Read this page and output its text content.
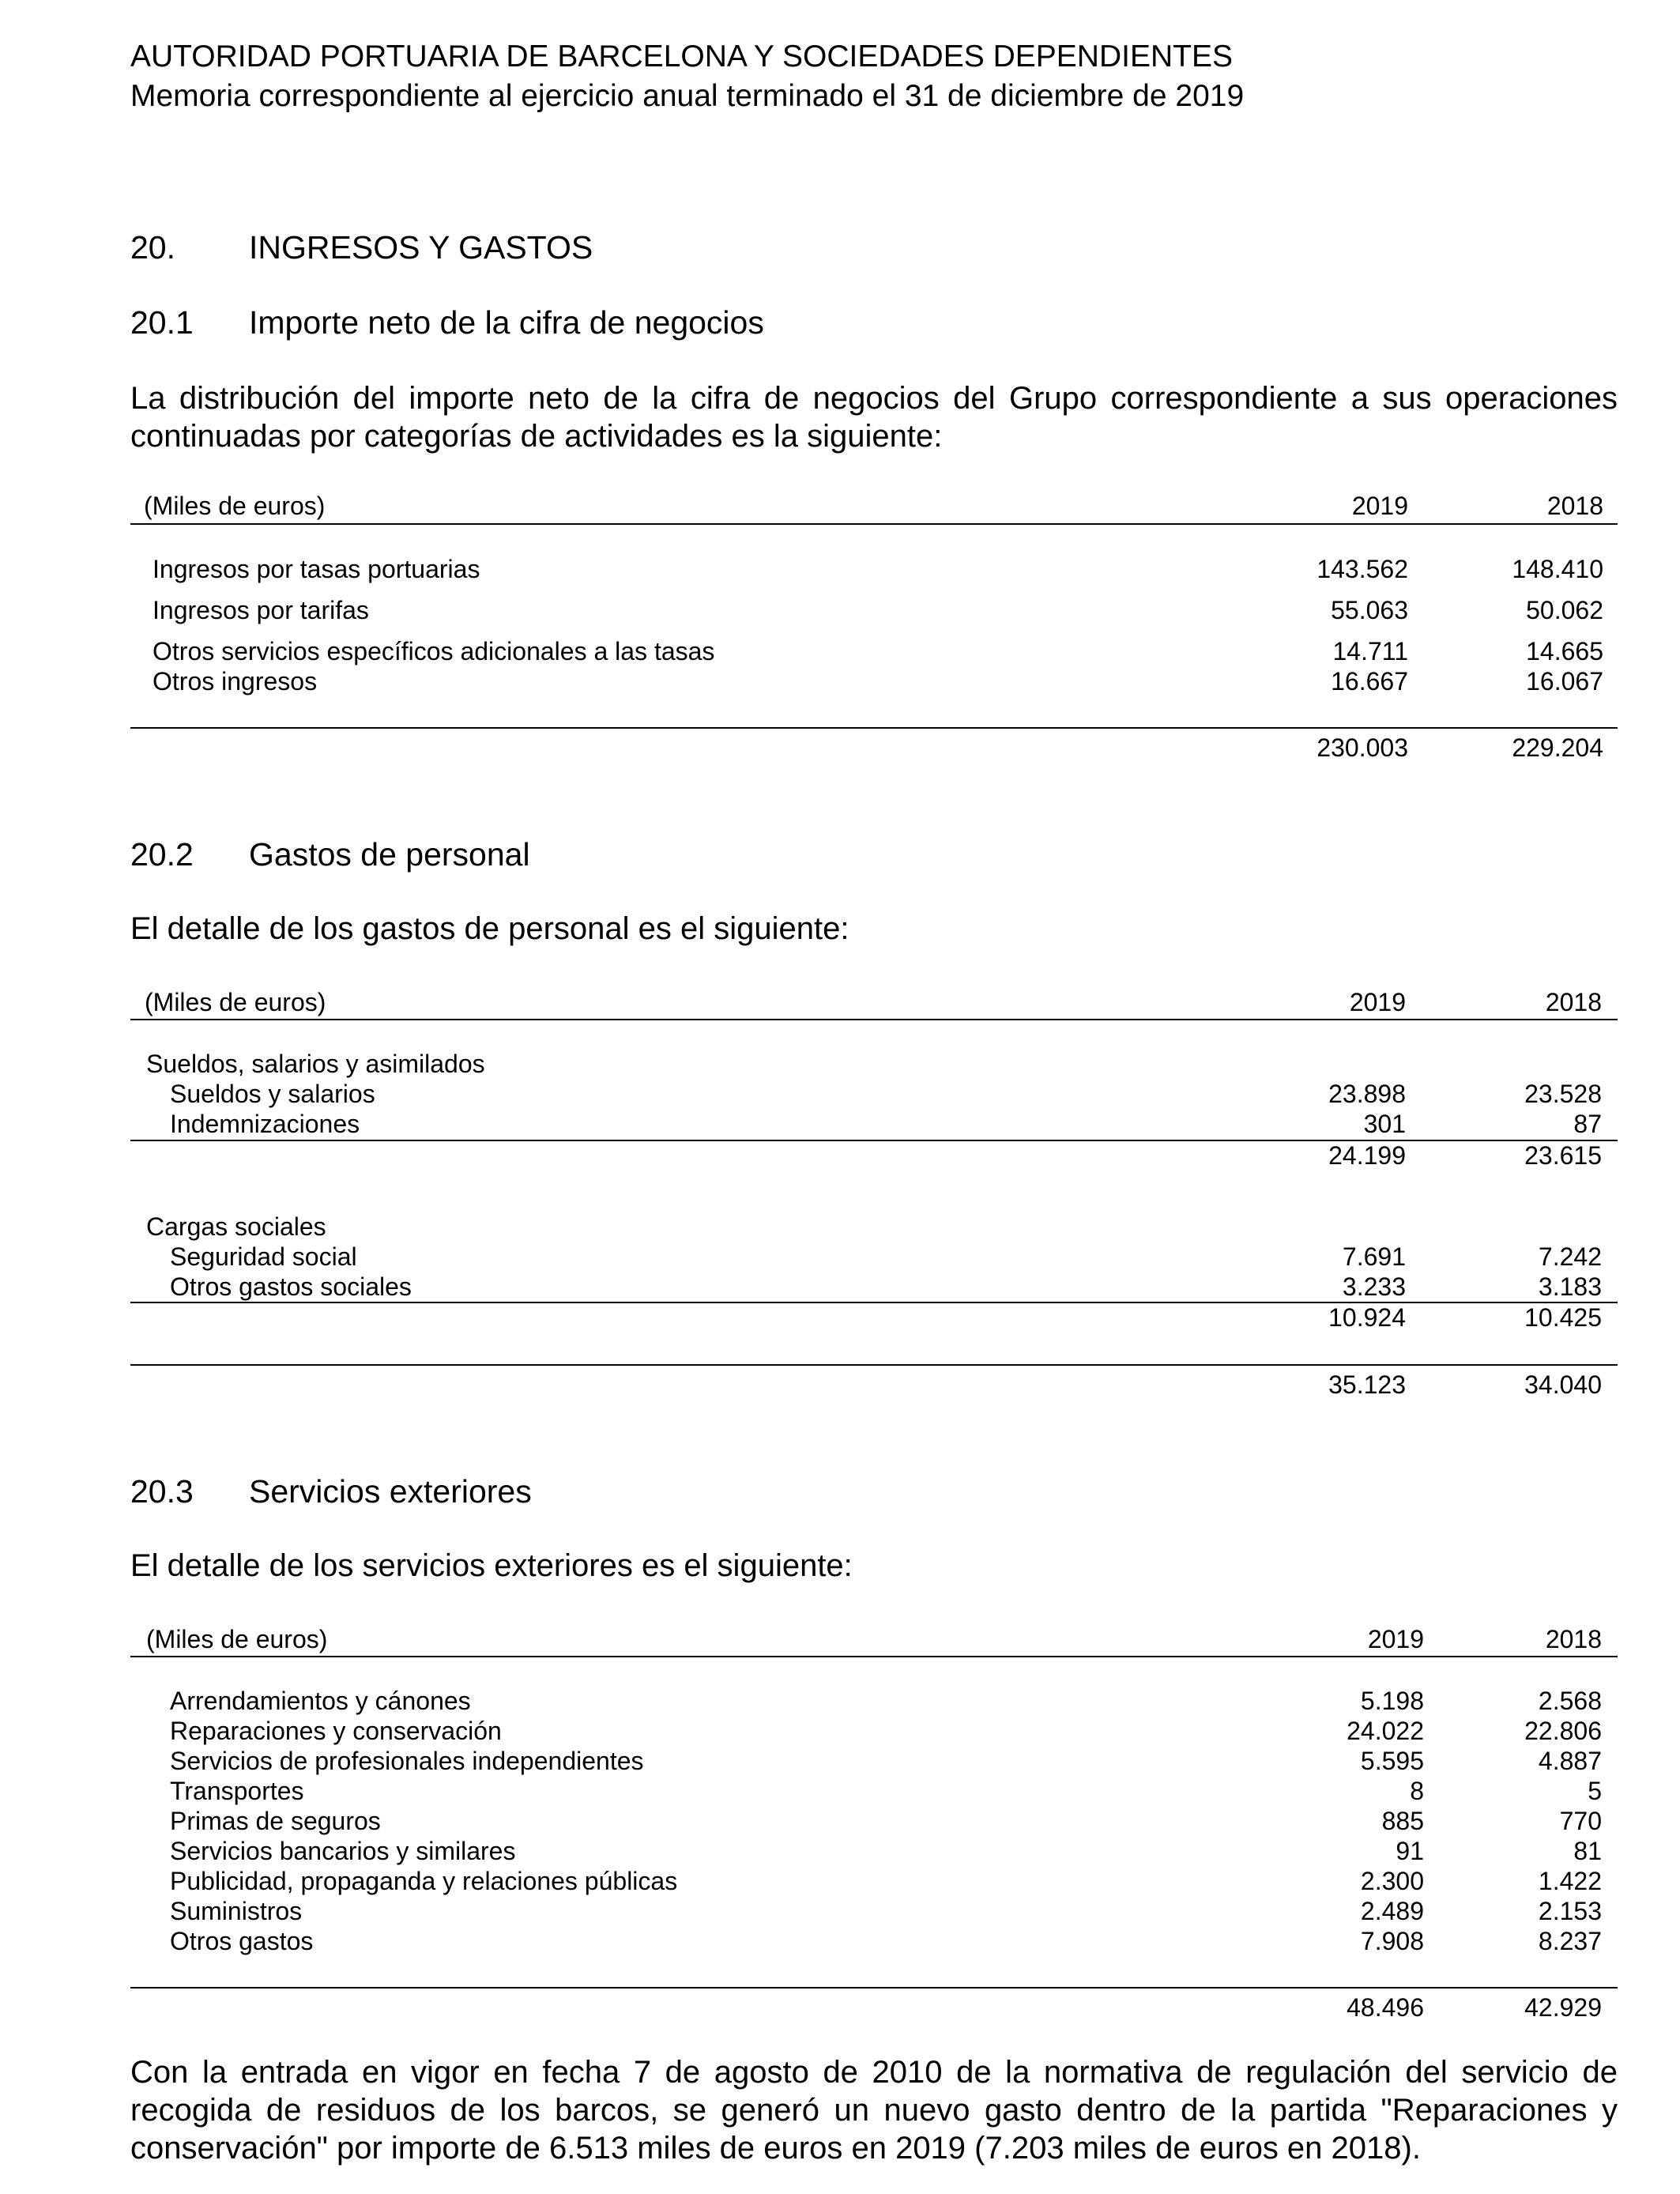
AUTORIDAD PORTUARIA DE BARCELONA Y SOCIEDADES DEPENDIENTES
Memoria correspondiente al ejercicio anual terminado el 31 de diciembre de 2019
20. INGRESOS Y GASTOS
20.1 Importe neto de la cifra de negocios
La distribución del importe neto de la cifra de negocios del Grupo correspondiente a sus operaciones
continuadas por categorías de actividades es la siguiente:
(Miles de euros)	2019	2018
Ingresos por tasas portuarias	143.562	148.410
Ingresos por tarifas	55.063	50.062
Otros servicios específicos adicionales a las tasas	14.711	14.665
Otros ingresos	16.667	16.067
230.003	229.204
20.2 Gastos de personal
El detalle de los gastos de personal es el siguiente:
(Miles de euros)	2019	2018
Sueldos, salarios y asimilados
Sueldos y salarios	23.898	23.528
Indemnizaciones	301	87
24.199	23.615
Cargas sociales
Seguridad social	7.691	7.242
Otros gastos sociales	3.233	3.183
10.924	10.425
35.123	34.040
20.3 Servicios exteriores
El detalle de los servicios exteriores es el siguiente:
(Miles de euros)	2019	2018
Arrendamientos y cánones	5.198	2.568
Reparaciones y conservación	24.022	22.806
Servicios de profesionales independientes	5.595	4.887
Transportes	8	5
Primas de seguros	885	770
Servicios bancarios y similares	91	81
Publicidad, propaganda y relaciones públicas	2.300	1.422
Suministros	2.489	2.153
Otros gastos	7.908	8.237
48.496	42.929
Con la entrada en vigor en fecha 7 de agosto de 2010 de la normativa de regulación del servicio de
recogida de residuos de los barcos, se generó un nuevo gasto dentro de la partida "Reparaciones y
conservación" por importe de 6.513 miles de euros en 2019 (7.203 miles de euros en 2018).
